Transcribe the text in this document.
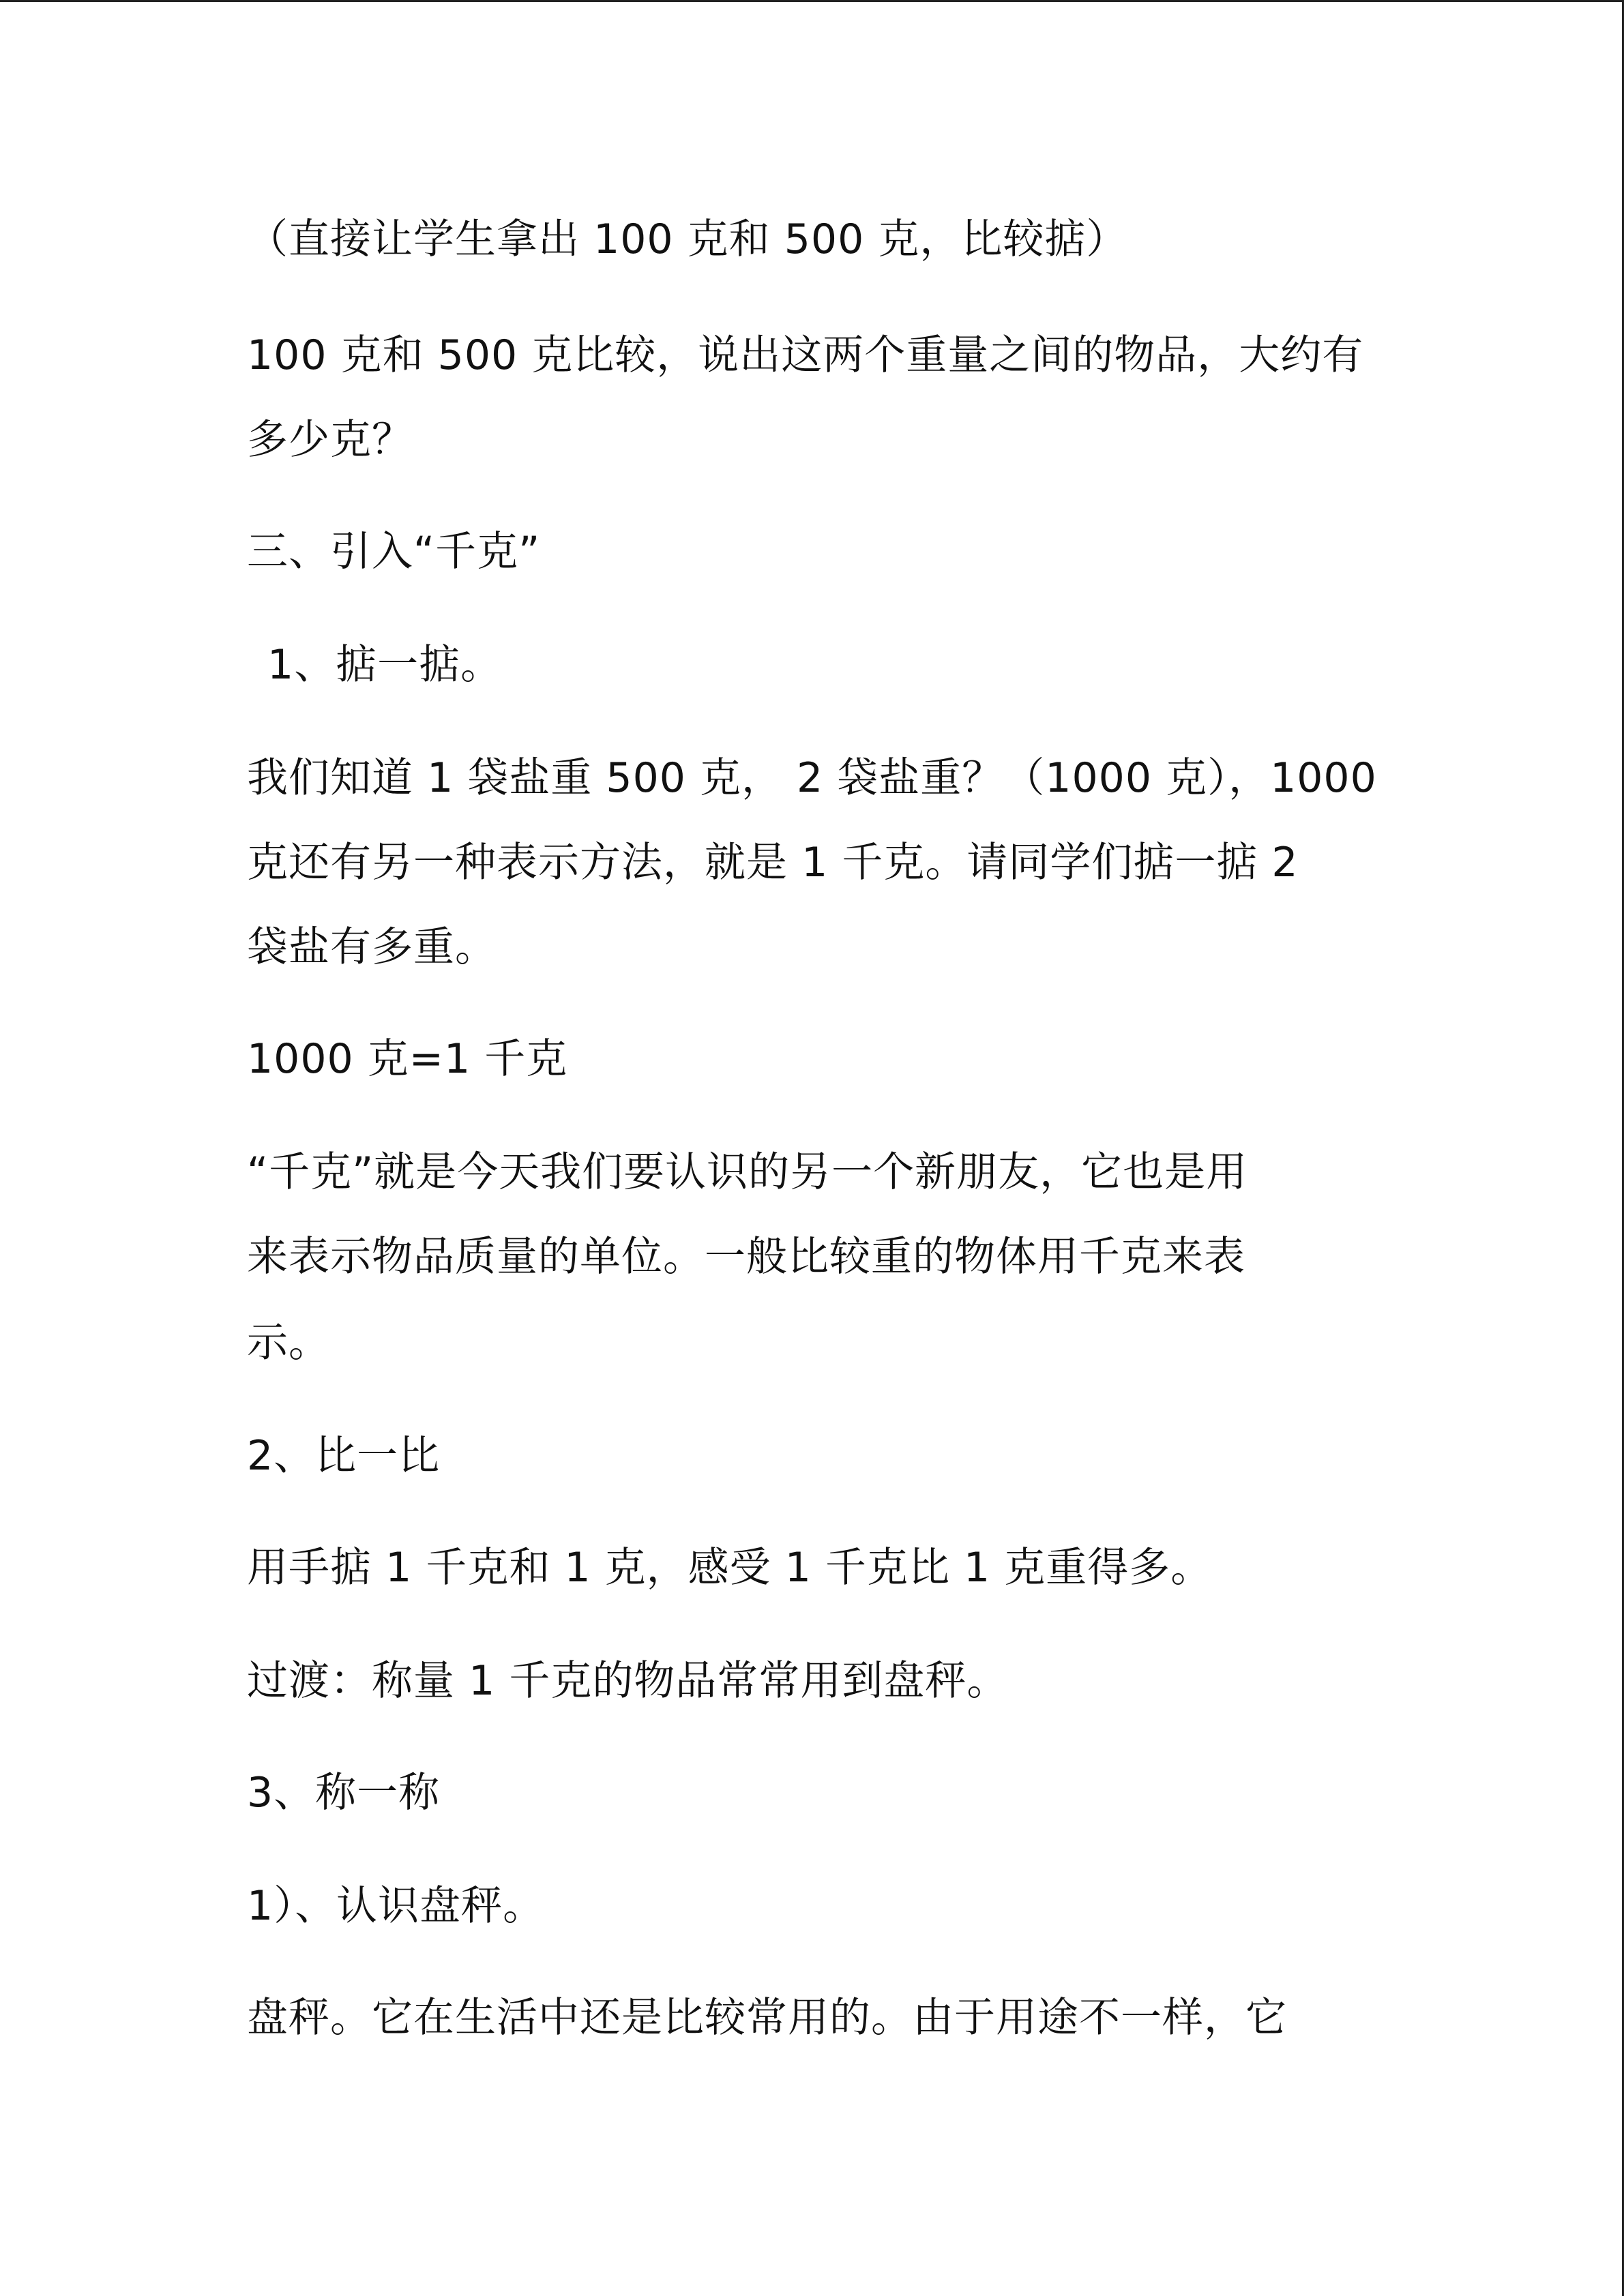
（直接让学生拿出 100 克和 500 克，比较掂）
100 克和 500 克比较，说出这两个重量之间的物品，大约有
多少克？
三、引入“千克”
1、掂一掂。
我们知道 1 袋盐重 500 克， 2 袋盐重？（1000 克），1000
克还有另一种表示方法，就是 1 千克。请同学们掂一掂 2
袋盐有多重。
1000 克=1 千克
“千克”就是今天我们要认识的另一个新朋友，它也是用
来表示物品质量的单位。一般比较重的物体用千克来表
示。
2、比一比
用手掂 1 千克和 1 克，感受 1 千克比 1 克重得多。
过渡：称量 1 千克的物品常常用到盘秤。
3、称一称
1）、认识盘秤。
盘秤。它在生活中还是比较常用的。由于用途不一样，它
